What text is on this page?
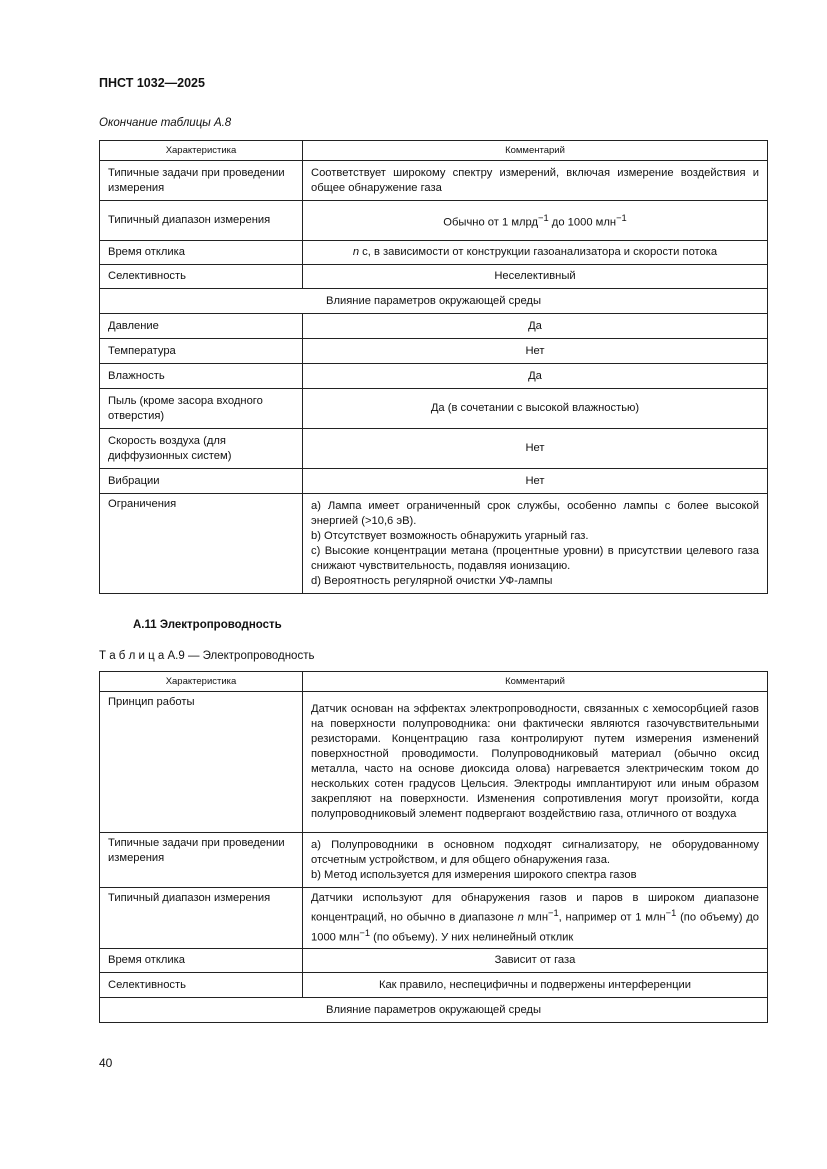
ПНСТ 1032—2025
Окончание таблицы А.8
Характеристика	Комментарий
Типичные задачи при проведении измерения	Соответствует широкому спектру измерений, включая измерение воздействия и общее обнаружение газа
Типичный диапазон измерения	Обычно от 1 млрд$^{-1}$ до 1000 млн$^{-1}$
Время отклика	n с, в зависимости от конструкции газоанализатора и скорости потока
Селективность	Неселективный
Влияние параметров окружающей среды	
Давление	Да
Температура	Нет
Влажность	Да
Пыль (кроме засора входного отверстия)	Да (в сочетании с высокой влажностью)
Скорость воздуха (для диффузионных систем)	Нет
Вибрации	Нет
Ограничения	a) Лампа имеет ограниченный срок службы, особенно лампы с более высокой энергией (>10,6 эВ).
b) Отсутствует возможность обнаружить угарный газ.
c) Высокие концентрации метана (процентные уровни) в присутствии целевого газа снижают чувствительность, подавляя ионизацию.
d) Вероятность регулярной очистки УФ-лампы
А.11 Электропроводность
Т а б л и ц а А.9 — Электропроводность
Характеристика	Комментарий
Принцип работы	Датчик основан на эффектах электропроводности, связанных с хемосорбцией газов на поверхности полупроводника: они фактически являются газочувствительными резисторами. Концентрацию газа контролируют путем измерения изменений поверхностной проводимости. Полупроводниковый материал (обычно оксид металла, часто на основе диоксида олова) нагревается электрическим током до нескольких сотен градусов Цельсия. Электроды имплантируют или иным образом закрепляют на поверхности. Изменения сопротивления могут произойти, когда полупроводниковый элемент подвергают воздействию газа, отличного от воздуха
Типичные задачи при проведении измерения	a) Полупроводники в основном подходят сигнализатору, не оборудованному отсчетным устройством, и для общего обнаружения газа.
b) Метод используется для измерения широкого спектра газов

Типичный диапазон измерения	Датчики используют для обнаружения газов и паров в широком диапазоне концентраций, но обычно в диапазоне n млн$^{-1}$, например от 1 млн$^{-1}$ (по объему) до 1000 млн$^{-1}$ (по объему). У них нелинейный отклик
Время отклика	Зависит от газа
Селективность	Как правило, неспецифичны и подвержены интерференции
Влияние параметров окружающей среды	
40
